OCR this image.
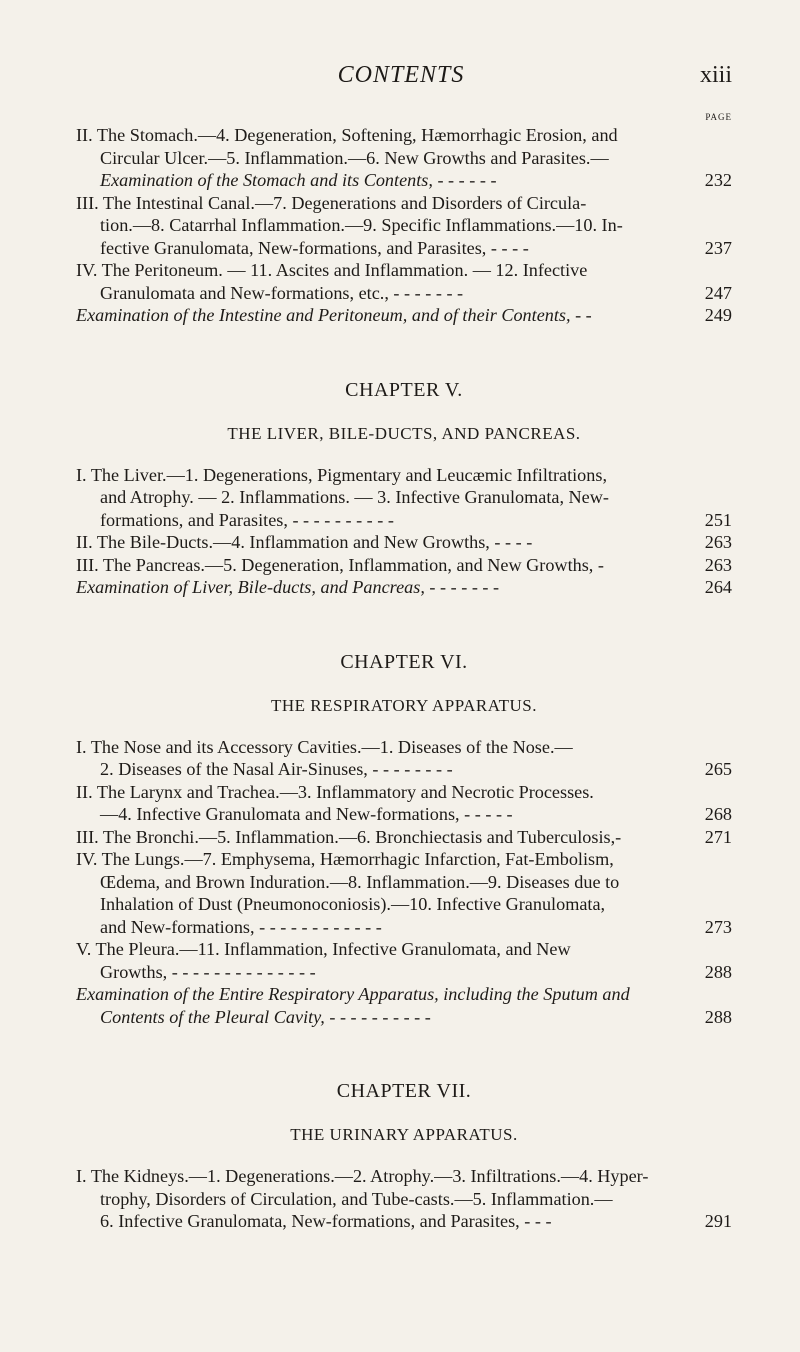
CONTENTS	xiii
PAGE
II. The Stomach.—4. Degeneration, Softening, Hæmorrhagic Erosion, and
Circular Ulcer.—5. Inflammation.—6. New Growths and Parasites.—
Examination of the Stomach and its Contents, - - - - - -	232
III. The Intestinal Canal.—7. Degenerations and Disorders of Circula-
tion.—8. Catarrhal Inflammation.—9. Specific Inflammations.—10. In-
fective Granulomata, New-formations, and Parasites, - - - -	237
IV. The Peritoneum. — 11. Ascites and Inflammation. — 12. Infective
Granulomata and New-formations, etc., - - - - - - -	247
Examination of the Intestine and Peritoneum, and of their Contents, - -	249
CHAPTER V.
THE LIVER, BILE-DUCTS, AND PANCREAS.
I. The Liver.—1. Degenerations, Pigmentary and Leucæmic Infiltrations,
and Atrophy. — 2. Inflammations. — 3. Infective Granulomata, New-
formations, and Parasites, - - - - - - - - - -	251
II. The Bile-Ducts.—4. Inflammation and New Growths, - - - -	263
III. The Pancreas.—5. Degeneration, Inflammation, and New Growths, -	263
Examination of Liver, Bile-ducts, and Pancreas, - - - - - - -	264
CHAPTER VI.
THE RESPIRATORY APPARATUS.
I. The Nose and its Accessory Cavities.—1. Diseases of the Nose.—
2. Diseases of the Nasal Air-Sinuses, - - - - - - - -	265
II. The Larynx and Trachea.—3. Inflammatory and Necrotic Processes.
—4. Infective Granulomata and New-formations, - - - - -	268
III. The Bronchi.—5. Inflammation.—6. Bronchiectasis and Tuberculosis,-	271
IV. The Lungs.—7. Emphysema, Hæmorrhagic Infarction, Fat-Embolism,
Œdema, and Brown Induration.—8. Inflammation.—9. Diseases due to
Inhalation of Dust (Pneumonoconiosis).—10. Infective Granulomata,
and New-formations, - - - - - - - - - - - -	273
V. The Pleura.—11. Inflammation, Infective Granulomata, and New
Growths, - - - - - - - - - - - - - -	288
Examination of the Entire Respiratory Apparatus, including the Sputum and
Contents of the Pleural Cavity, - - - - - - - - - -	288
CHAPTER VII.
THE URINARY APPARATUS.
I. The Kidneys.—1. Degenerations.—2. Atrophy.—3. Infiltrations.—4. Hyper-
trophy, Disorders of Circulation, and Tube-casts.—5. Inflammation.—
6. Infective Granulomata, New-formations, and Parasites, - - -	291
